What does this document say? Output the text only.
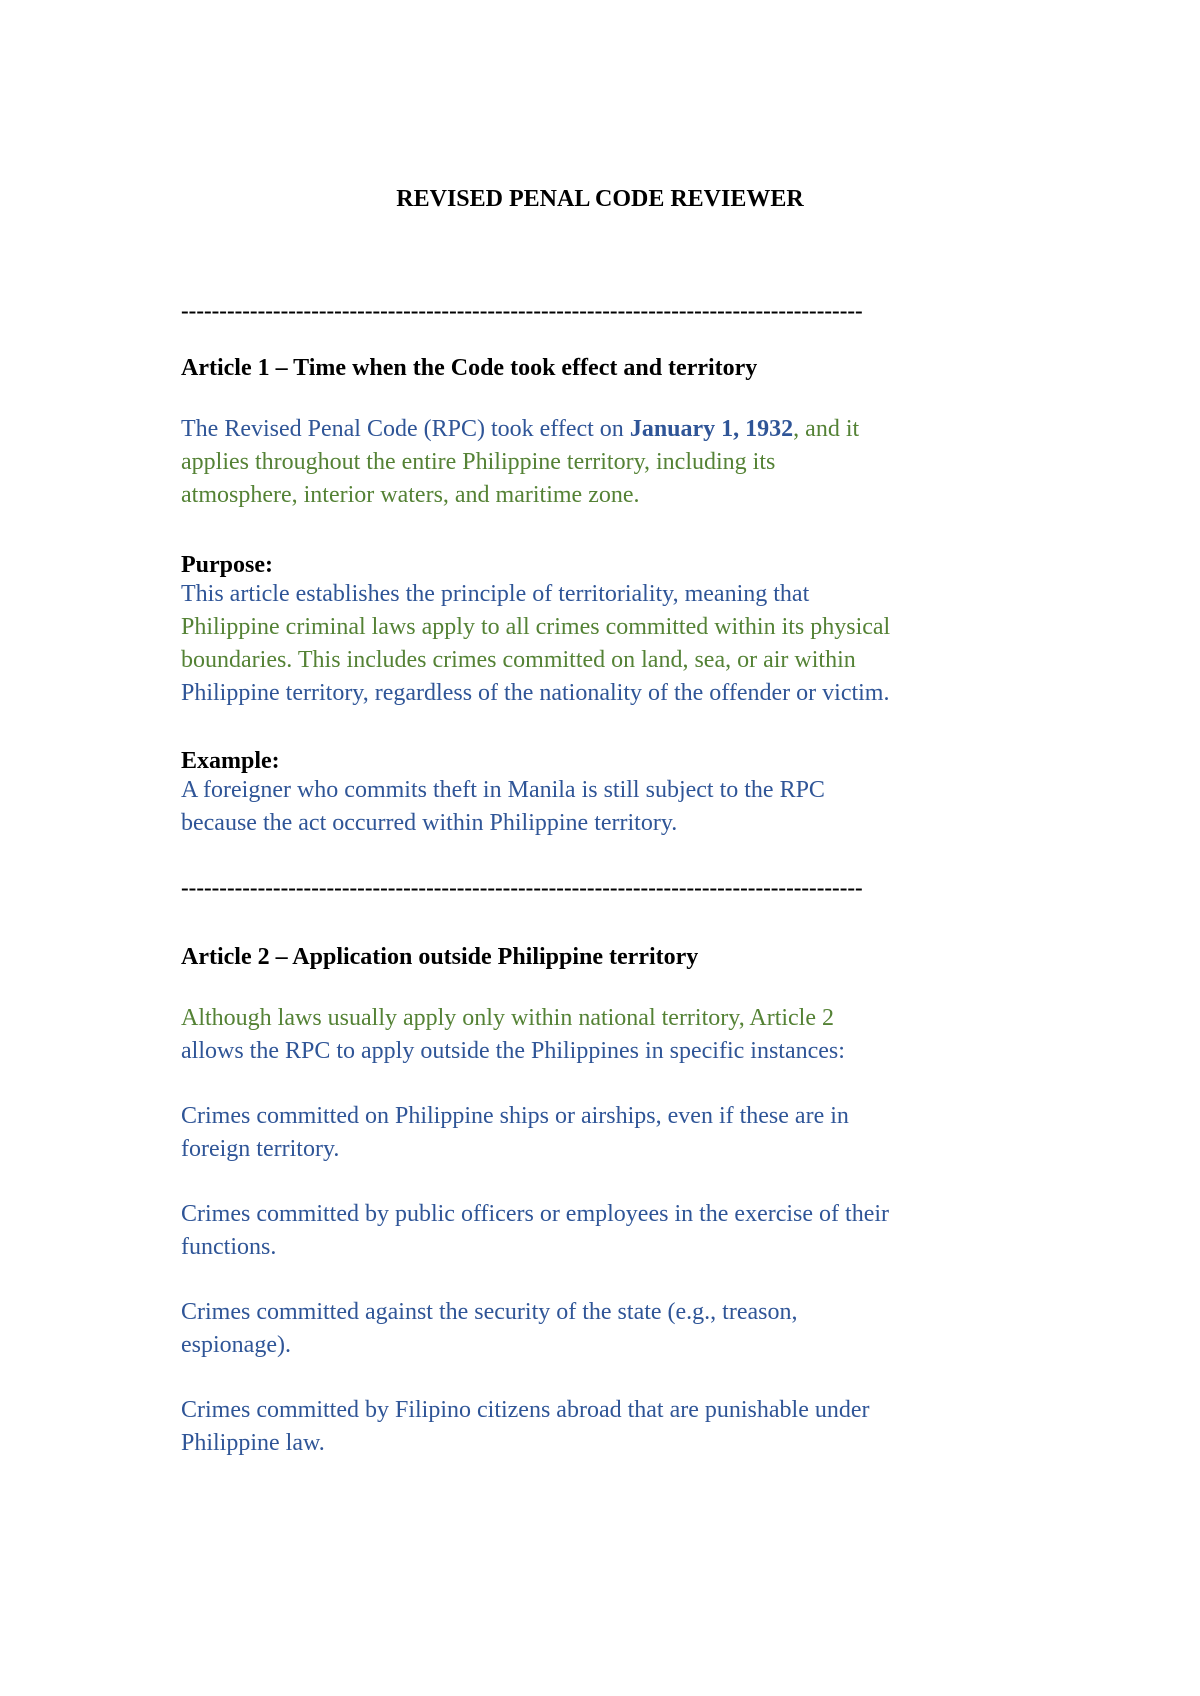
REVISED PENAL CODE REVIEWER
-----------------------------------------------------------------------------------------
Article 1 – Time when the Code took effect and territory
The Revised Penal Code (RPC) took effect on January 1, 1932, and it
applies throughout the entire Philippine territory, including its
atmosphere, interior waters, and maritime zone.
Purpose:
This article establishes the principle of territoriality, meaning that
Philippine criminal laws apply to all crimes committed within its physical
boundaries. This includes crimes committed on land, sea, or air within
Philippine territory, regardless of the nationality of the offender or victim.
Example:
A foreigner who commits theft in Manila is still subject to the RPC
because the act occurred within Philippine territory.
-----------------------------------------------------------------------------------------
Article 2 – Application outside Philippine territory
Although laws usually apply only within national territory, Article 2
allows the RPC to apply outside the Philippines in specific instances:
Crimes committed on Philippine ships or airships, even if these are in
foreign territory.
Crimes committed by public officers or employees in the exercise of their
functions.
Crimes committed against the security of the state (e.g., treason,
espionage).
Crimes committed by Filipino citizens abroad that are punishable under
Philippine law.
